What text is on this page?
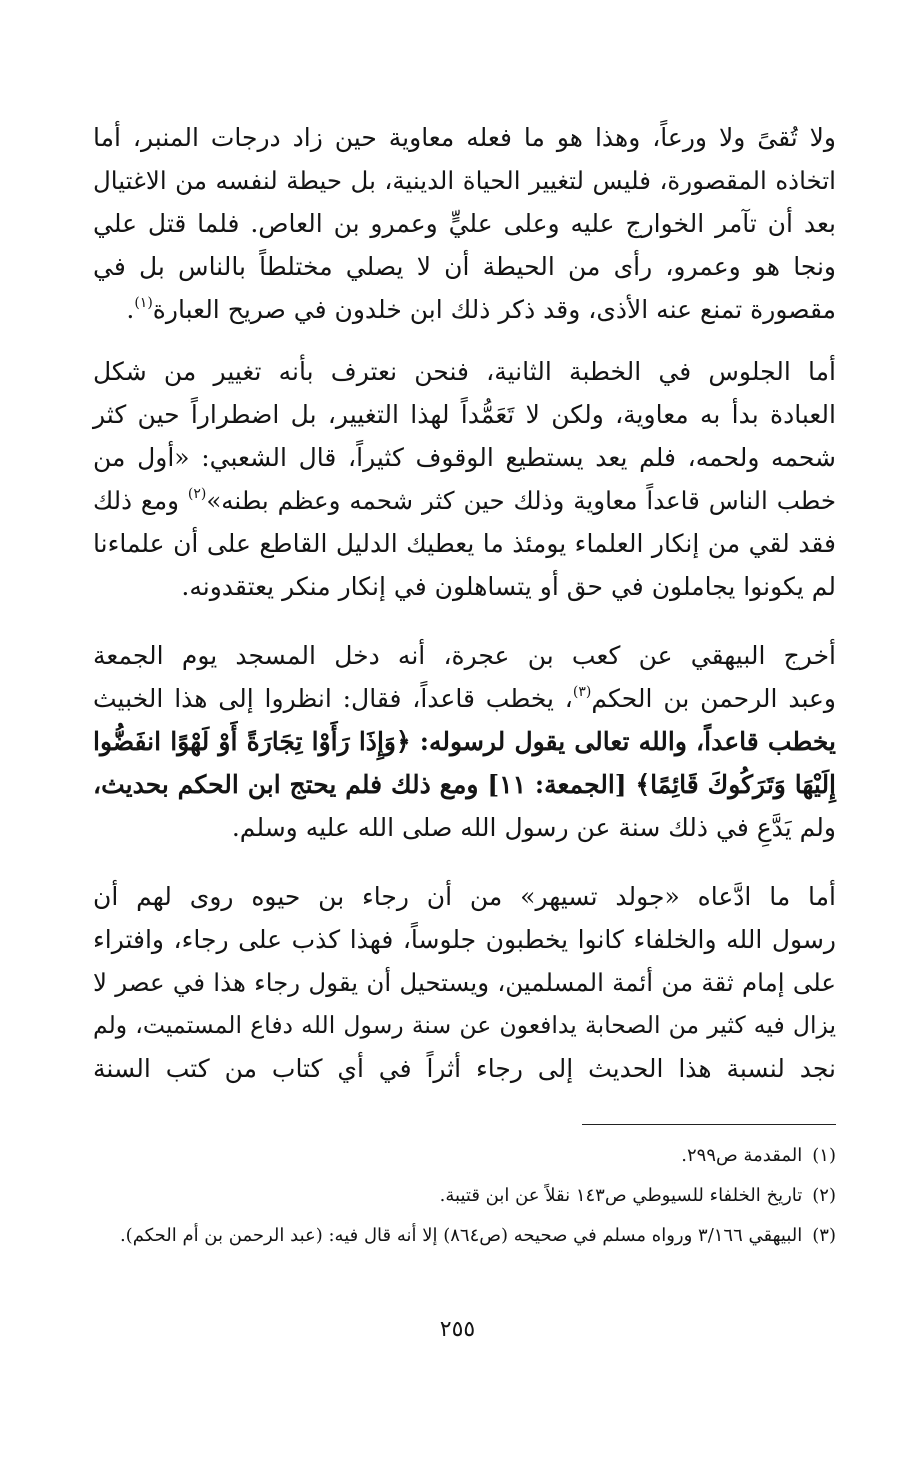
ولا تُقىً ولا ورعاً، وهذا هو ما فعله معاوية حين زاد درجات المنبر، أما
اتخاذه المقصورة، فليس لتغيير الحياة الدينية، بل حيطة لنفسه من الاغتيال
بعد أن تآمر الخوارج عليه وعلى عليٍّ وعمرو بن العاص. فلما قتل علي
ونجا هو وعمرو، رأى من الحيطة أن لا يصلي مختلطاً بالناس بل في
مقصورة تمنع عنه الأذى، وقد ذكر ذلك ابن خلدون في صريح العبارة$^{(١)}$.
أما الجلوس في الخطبة الثانية، فنحن نعترف بأنه تغيير من شكل
العبادة بدأ به معاوية، ولكن لا تَعَمُّداً لهذا التغيير، بل اضطراراً حين كثر
شحمه ولحمه، فلم يعد يستطيع الوقوف كثيراً، قال الشعبي: «أول من
خطب الناس قاعداً معاوية وذلك حين كثر شحمه وعظم بطنه»$^{(٢)}$ ومع ذلك
فقد لقي من إنكار العلماء يومئذ ما يعطيك الدليل القاطع على أن علماءنا
لم يكونوا يجاملون في حق أو يتساهلون في إنكار منكر يعتقدونه.
أخرج البيهقي عن كعب بن عجرة، أنه دخل المسجد يوم الجمعة
وعبد الرحمن بن الحكم$^{(٣)}$، يخطب قاعداً، فقال: انظروا إلى هذا الخبيث
يخطب قاعداً، والله تعالى يقول لرسوله: ﴿وَإِذَا رَأَوْا تِجَارَةً أَوْ لَهْوًا انفَضُّوا
إِلَيْهَا وَتَرَكُوكَ قَائِمًا﴾ [الجمعة: ١١] ومع ذلك فلم يحتج ابن الحكم بحديث،
ولم يَدَّعِ في ذلك سنة عن رسول الله صلى الله عليه وسلم.
أما ما ادَّعاه «جولد تسيهر» من أن رجاء بن حيوه روى لهم أن
رسول الله والخلفاء كانوا يخطبون جلوساً، فهذا كذب على رجاء، وافتراء
على إمام ثقة من أئمة المسلمين، ويستحيل أن يقول رجاء هذا في عصر لا
يزال فيه كثير من الصحابة يدافعون عن سنة رسول الله دفاع المستميت، ولم
نجد لنسبة هذا الحديث إلى رجاء أثراً في أي كتاب من كتب السنة
(١)المقدمة ص٢٩٩.
(٢)تاريخ الخلفاء للسيوطي ص١٤٣ نقلاً عن ابن قتيبة.
(٣)البيهقي ٣/١٦٦ ورواه مسلم في صحيحه (ص٨٦٤) إلا أنه قال فيه: (عبد الرحمن بن أم الحكم).
٢٥٥
